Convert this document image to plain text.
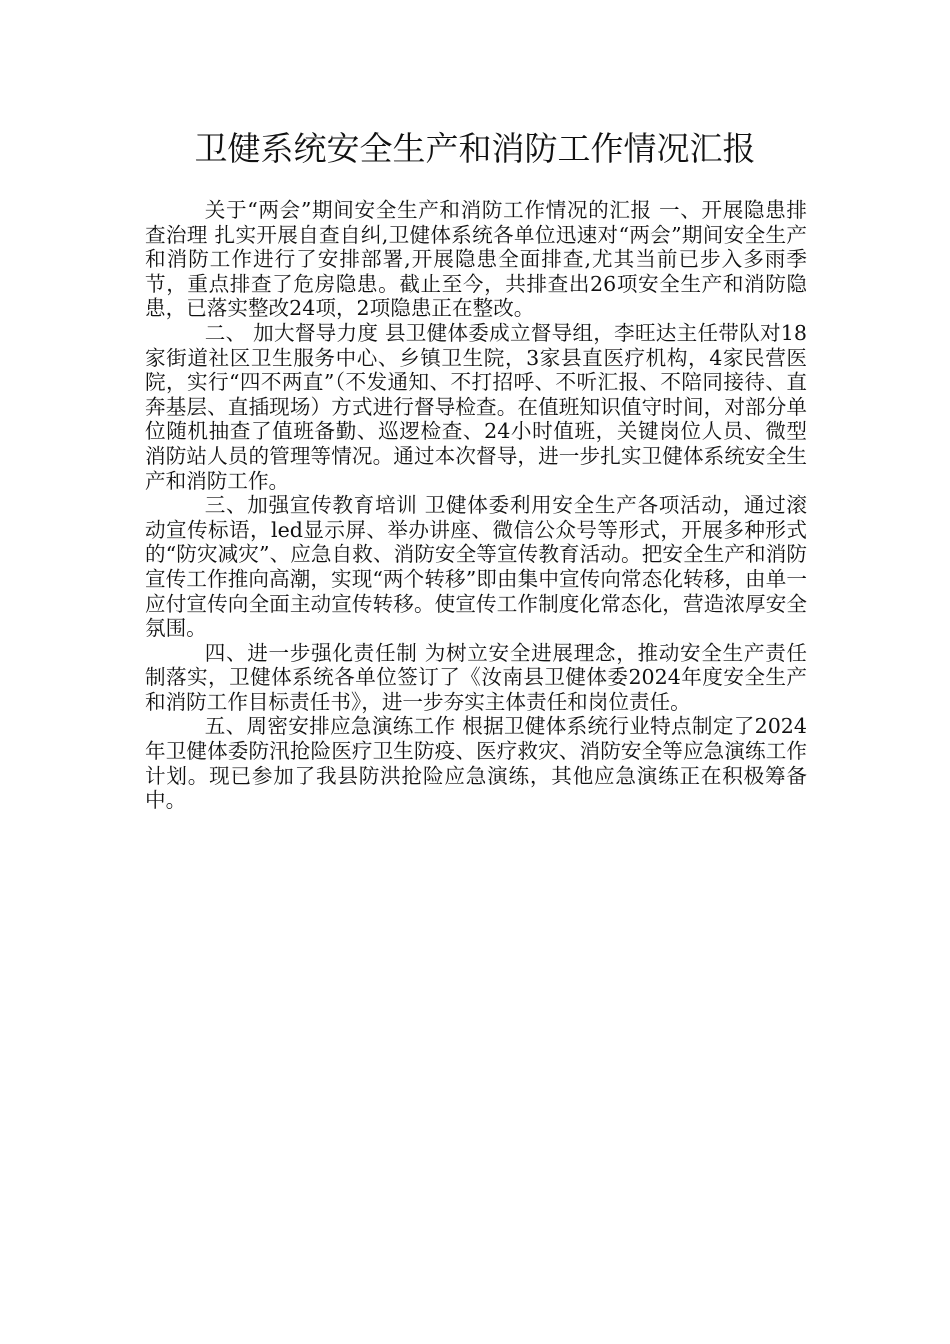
卫健系统安全生产和消防工作情况汇报

关于“两会”期间安全生产和消防工作情况的汇报 一、开展隐患排查治理 扎实开展自查自纠,卫健体系统各单位迅速对“两会”期间安全生产和消防工作进行了安排部署,开展隐患全面排查,尤其当前已步入多雨季节，重点排查了危房隐患。截止至今，共排查出26项安全生产和消防隐患，已落实整改24项，2项隐患正在整改。

二、 加大督导力度 县卫健体委成立督导组，李旺达主任带队对18家街道社区卫生服务中心、乡镇卫生院，3家县直医疗机构，4家民营医院，实行“四不两直”（不发通知、不打招呼、不听汇报、不陪同接待、直奔基层、直插现场）方式进行督导检查。在值班知识值守时间，对部分单位随机抽查了值班备勤、巡逻检查、24小时值班，关键岗位人员、微型消防站人员的管理等情况。通过本次督导，进一步扎实卫健体系统安全生产和消防工作。

三、加强宣传教育培训 卫健体委利用安全生产各项活动，通过滚动宣传标语，led显示屏、举办讲座、微信公众号等形式，开展多种形式的“防灾减灾”、应急自救、消防安全等宣传教育活动。把安全生产和消防宣传工作推向高潮，实现“两个转移”即由集中宣传向常态化转移，由单一应付宣传向全面主动宣传转移。使宣传工作制度化常态化，营造浓厚安全氛围。

四、进一步强化责任制 为树立安全进展理念，推动安全生产责任制落实，卫健体系统各单位签订了《汝南县卫健体委2024年度安全生产和消防工作目标责任书》，进一步夯实主体责任和岗位责任。

五、周密安排应急演练工作 根据卫健体系统行业特点制定了2024年卫健体委防汛抢险医疗卫生防疫、医疗救灾、消防安全等应急演练工作计划。现已参加了我县防洪抢险应急演练，其他应急演练正在积极筹备中。
